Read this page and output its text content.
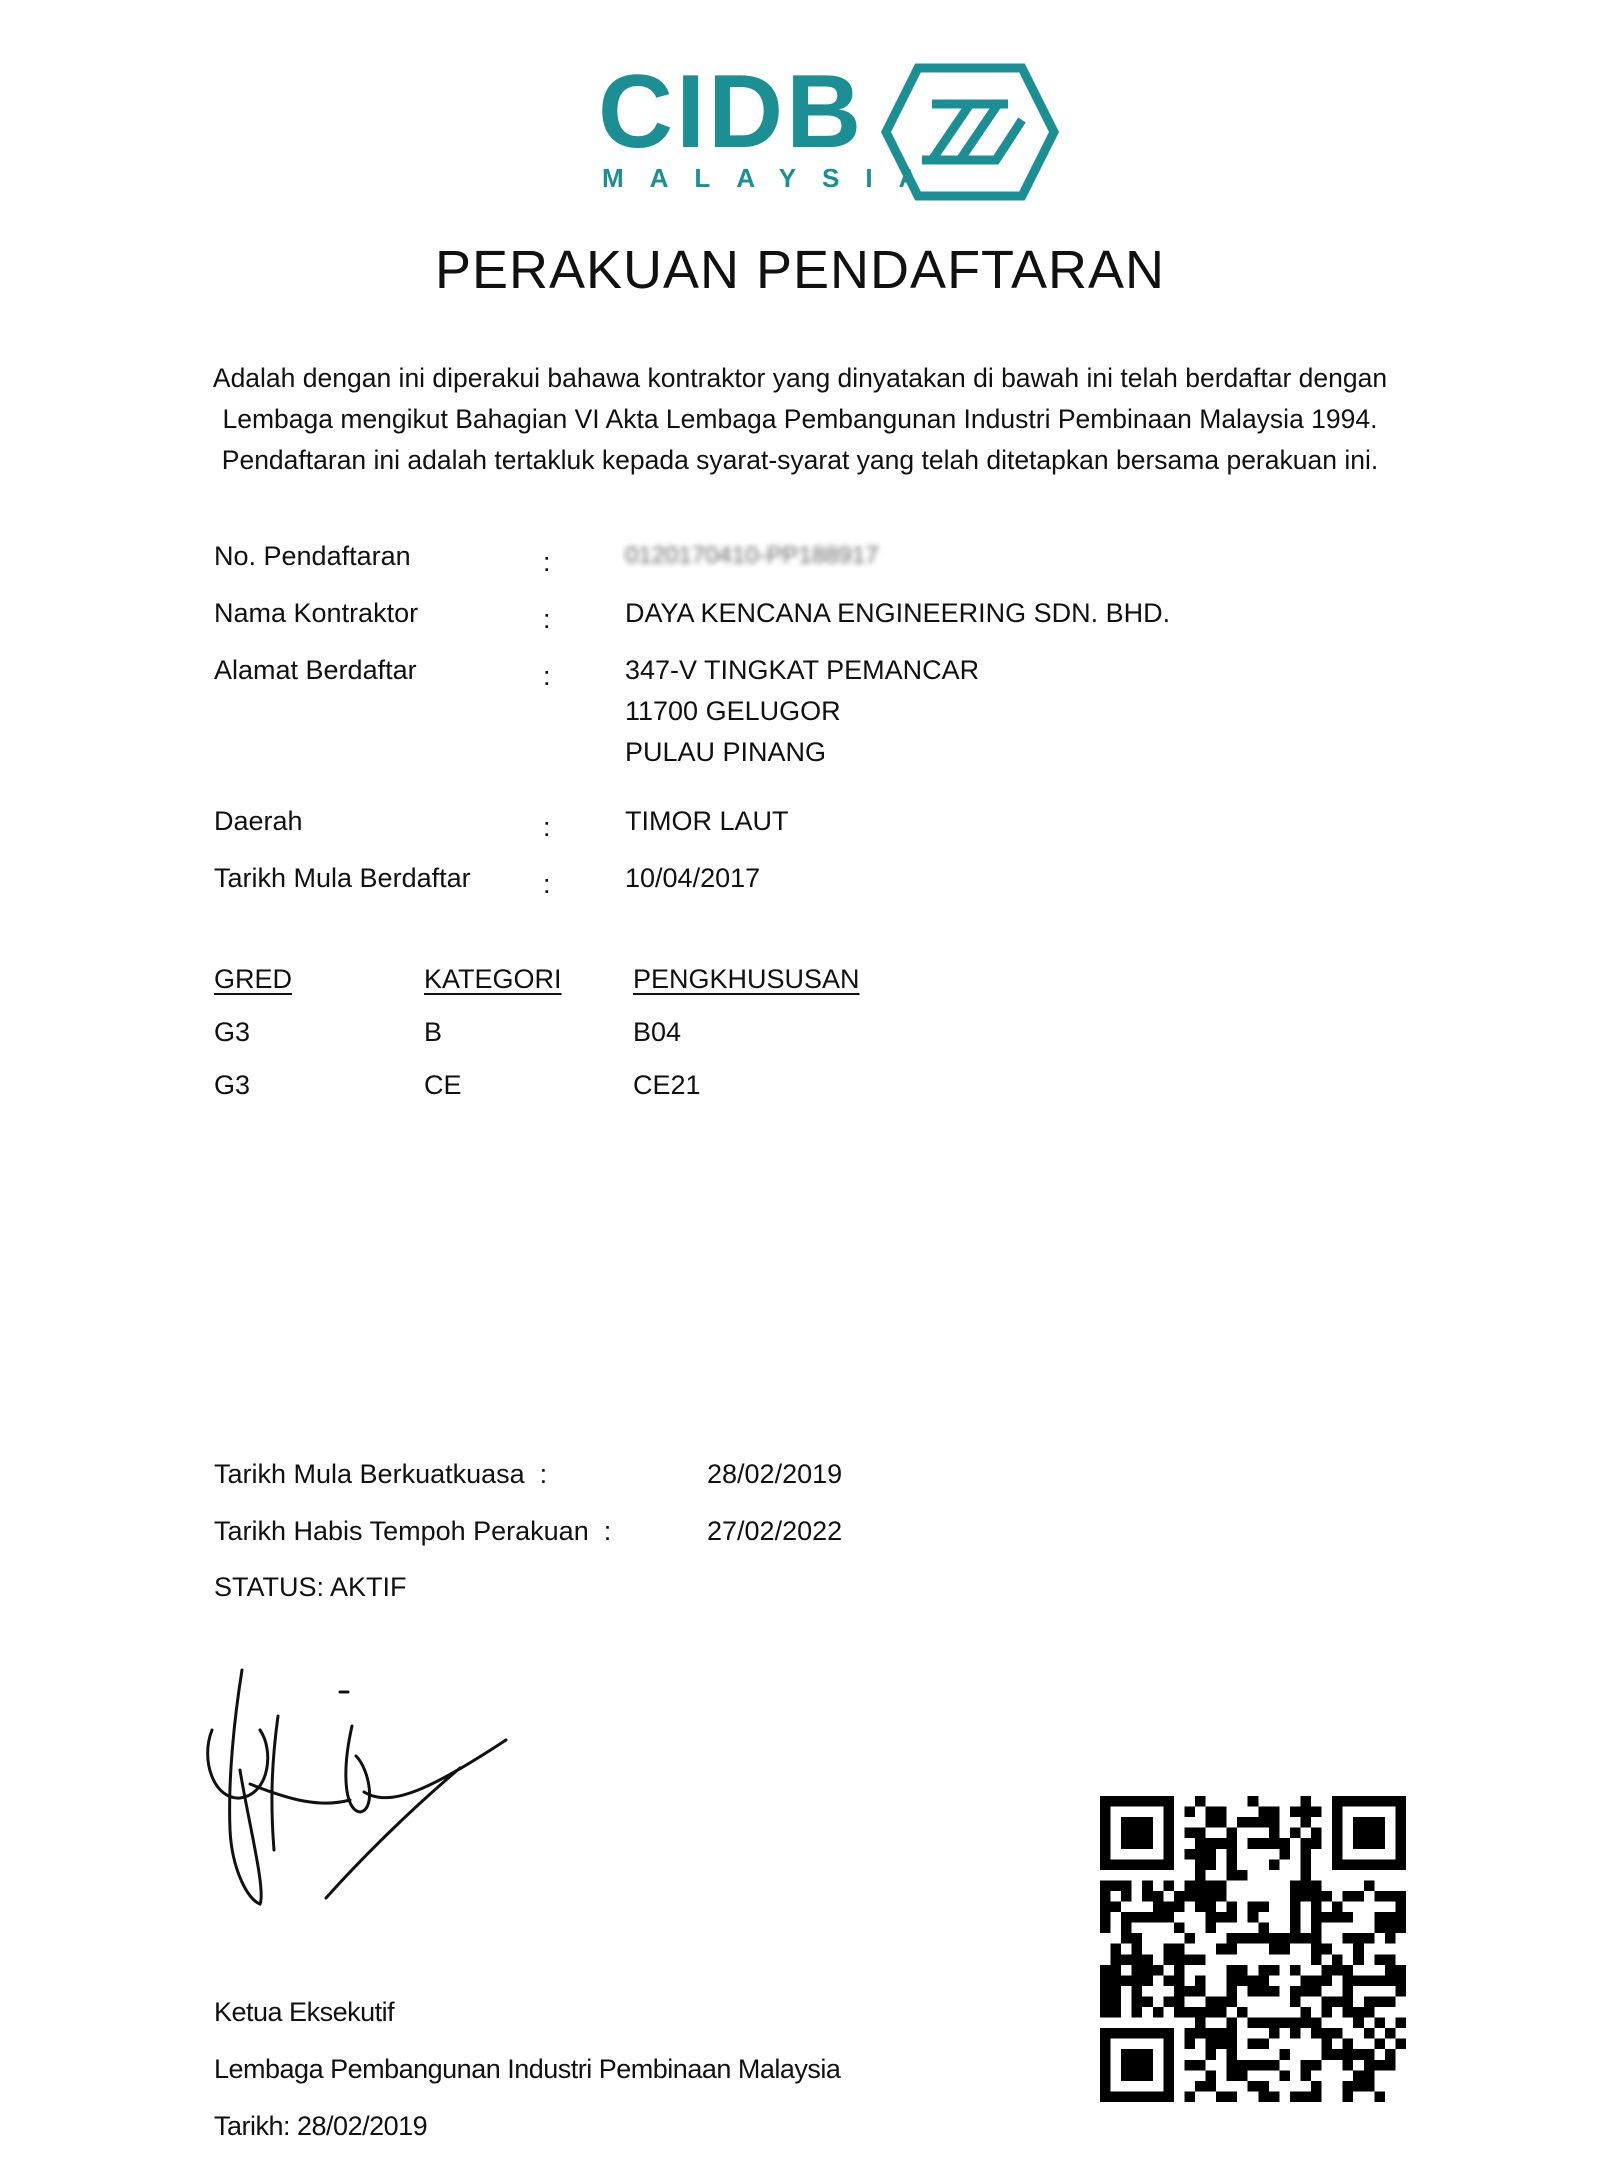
CIDB
MALAYSIA
PERAKUAN PENDAFTARAN
Adalah dengan ini diperakui bahawa kontraktor yang dinyatakan di bawah ini telah berdaftar dengan
Lembaga mengikut Bahagian VI Akta Lembaga Pembangunan Industri Pembinaan Malaysia 1994.
Pendaftaran ini adalah tertakluk kepada syarat-syarat yang telah ditetapkan bersama perakuan ini.
No. Pendaftaran	:	0120170410-PP188917
Nama Kontraktor	:	DAYA KENCANA ENGINEERING SDN. BHD.
Alamat Berdaftar	:	347-V TINGKAT PEMANCAR
11700 GELUGOR
PULAU PINANG
Daerah	:	TIMOR LAUT
Tarikh Mula Berdaftar	:	10/04/2017
GRED	KATEGORI	PENGKHUSUSAN
G3	B	B04
G3	CE	CE21
Tarikh Mula Berkuatkuasa :	28/02/2019
Tarikh Habis Tempoh Perakuan :	27/02/2022
STATUS: AKTIF
Ketua Eksekutif
Lembaga Pembangunan Industri Pembinaan Malaysia
Tarikh: 28/02/2019
